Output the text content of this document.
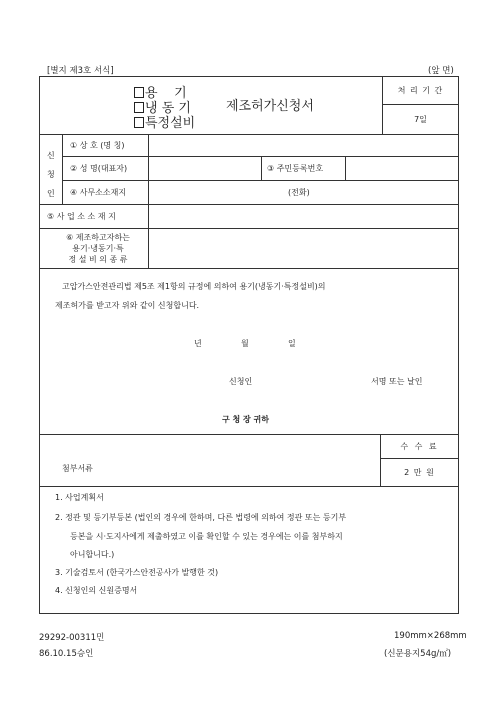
[별지 제3호 서식]	(앞 면)
용    기
냉 동 기
특정설비
제조허가신청서
처 리 기 간
7일
신
청
인
① 상 호 (명 칭)
② 성 명(대표자)	③ 주민등록번호
④ 사무소소재지	(전화)
⑤ 사 업 소 소 재 지
⑥ 제조하고자하는
용기·냉동기·특
정 설 비 의 종 류
고압가스안전관리법 제5조 제1항의 규정에 의하여 용기(냉동기·특정설비)의
제조허가를 받고자 위와 같이 신청합니다.
년	월	일
신청인	서명 또는 날인
구 청 장 귀하
수 수 료
2 만 원
첨부서류
1. 사업계획서
2. 정관 및 등기부등본 (법인의 경우에 한하며, 다른 법령에 의하여 정관 또는 등기부
등본을 시·도지사에게 제출하였고 이를 확인할 수 있는 경우에는 이를 첨부하지
아니합니다.)
3. 기술검토서 (한국가스안전공사가 발행한 것)
4. 신청인의 신원증명서
29292-00311민
86.10.15승인
190mm×268mm
(신문용지54g/㎡)
